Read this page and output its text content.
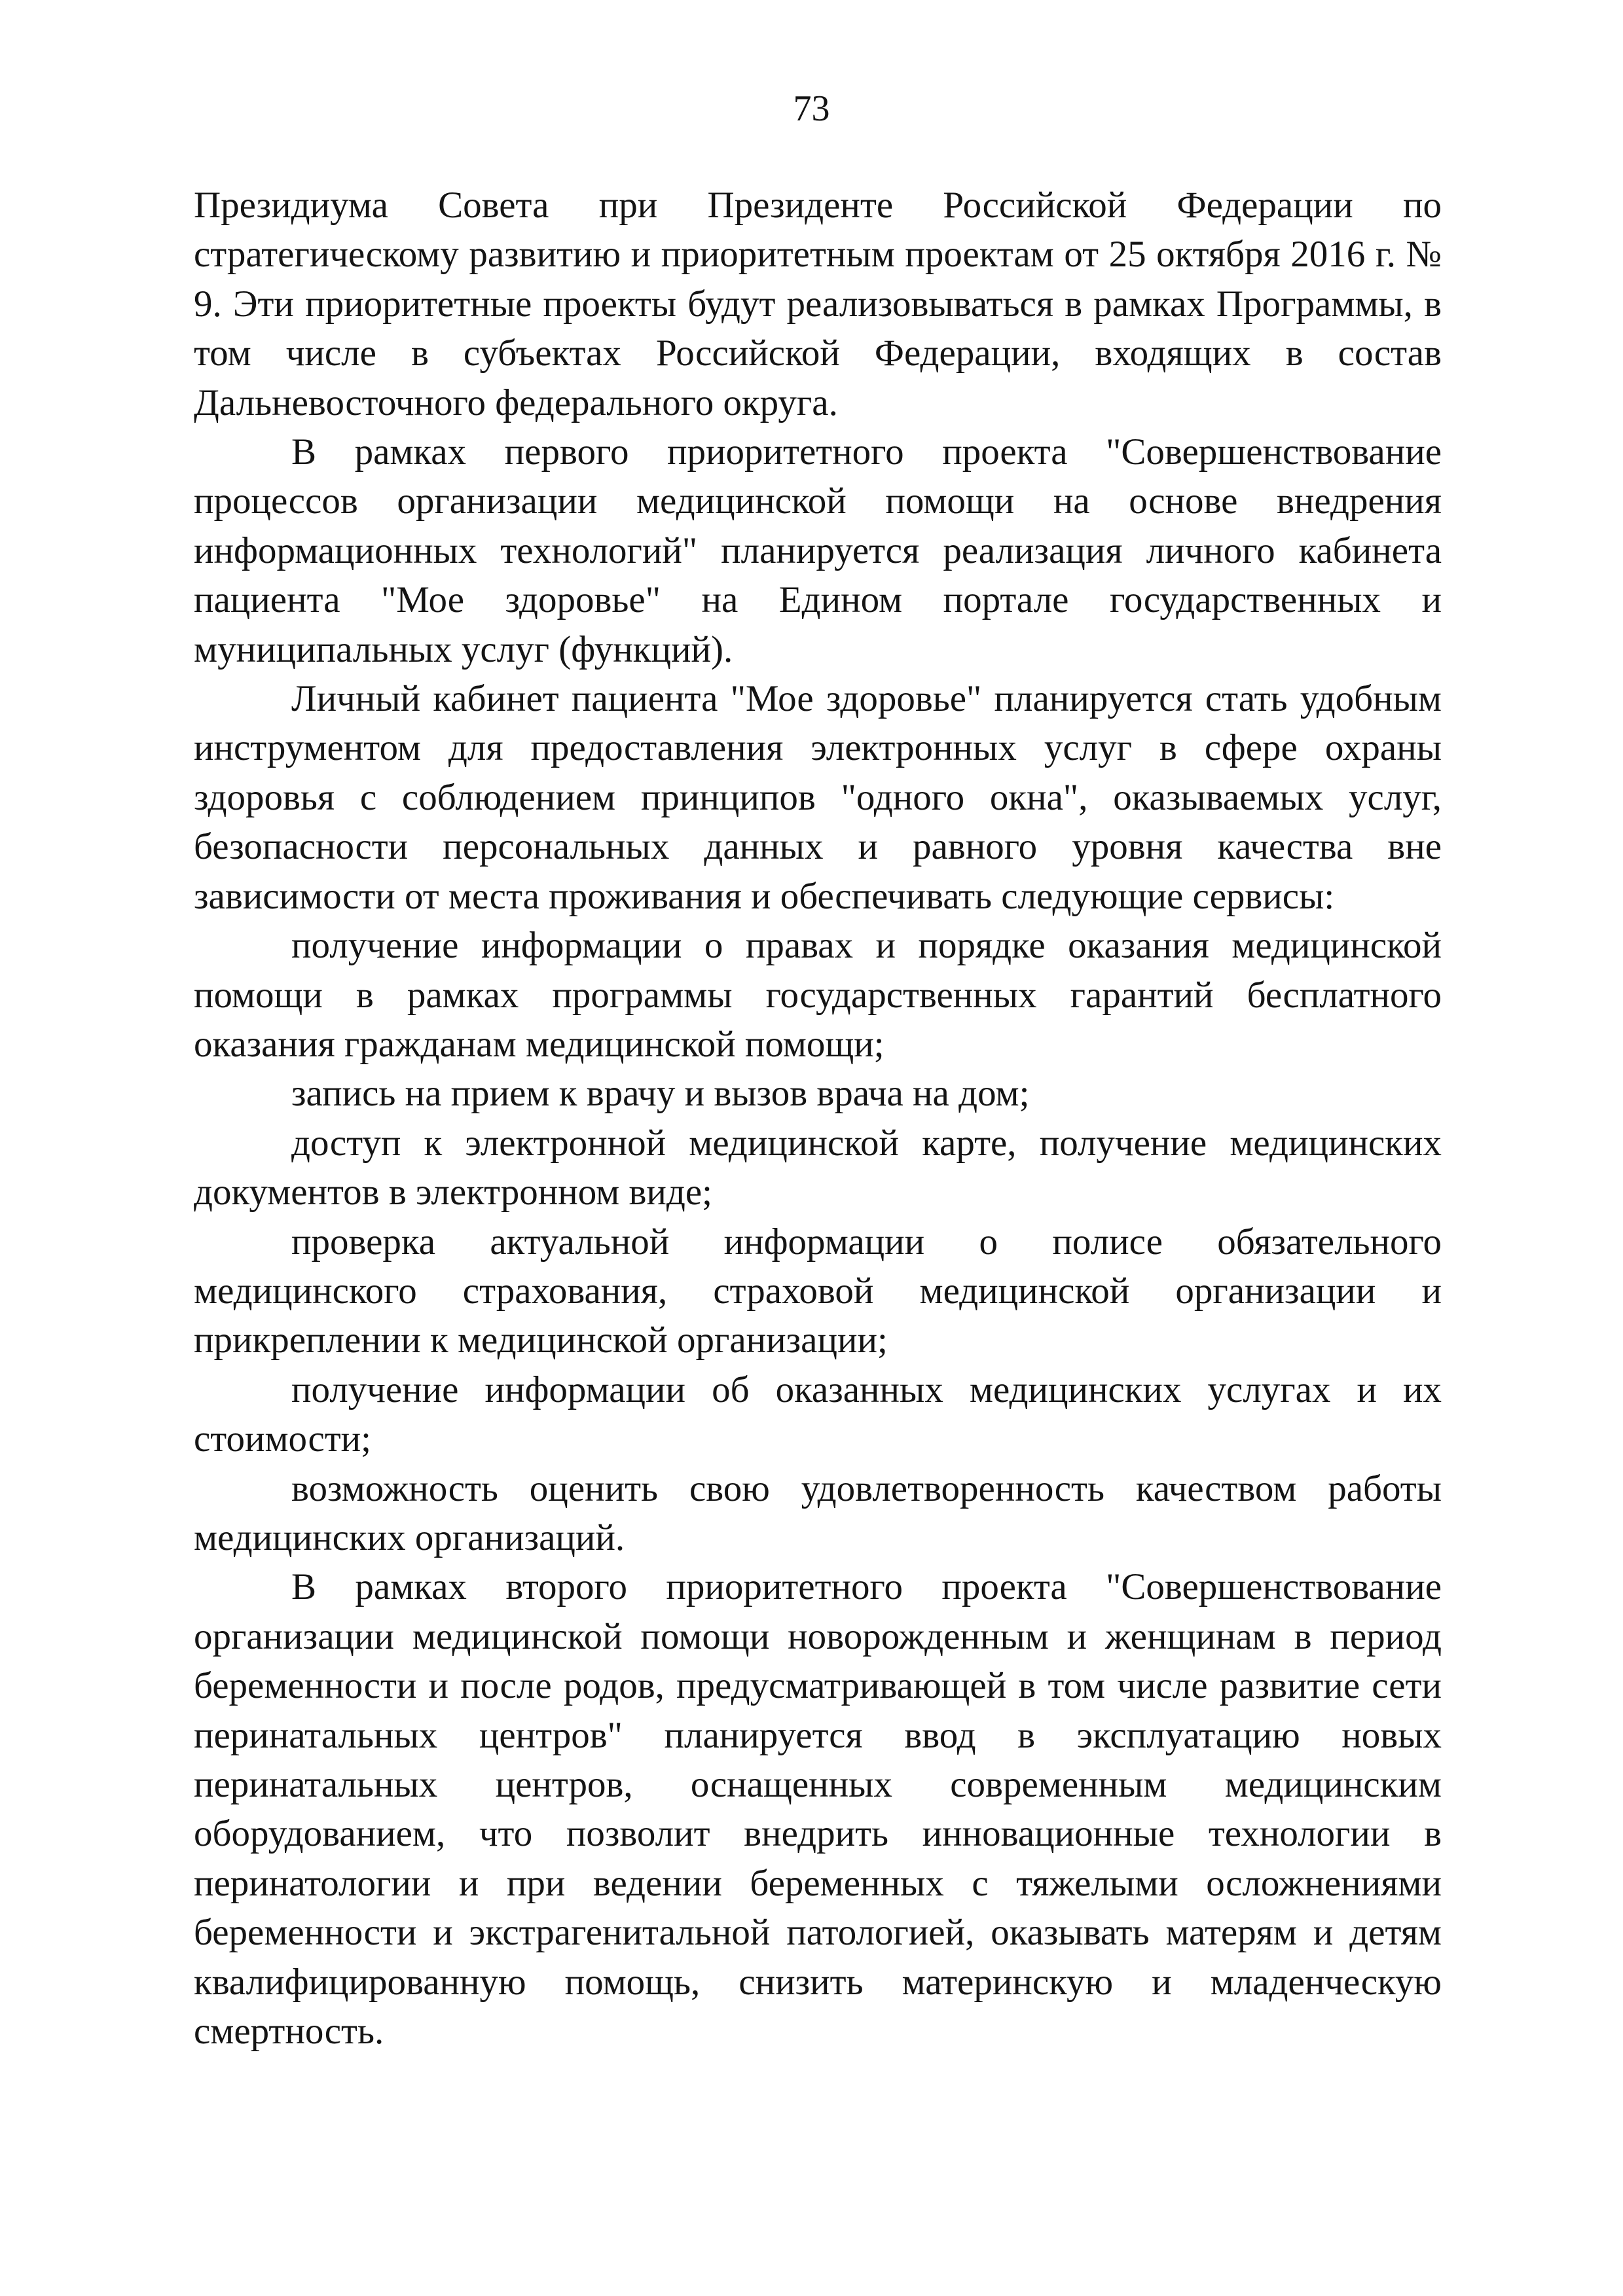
73

Президиума Совета при Президенте Российской Федерации по стратегическому развитию и приоритетным проектам от 25 октября 2016 г. № 9. Эти приоритетные проекты будут реализовываться в рамках Программы, в том числе в субъектах Российской Федерации, входящих в состав Дальневосточного федерального округа.

В рамках первого приоритетного проекта "Совершенствование процессов организации медицинской помощи на основе внедрения информационных технологий" планируется реализация личного кабинета пациента "Мое здоровье" на Едином портале государственных и муниципальных услуг (функций).

Личный кабинет пациента "Мое здоровье" планируется стать удобным инструментом для предоставления электронных услуг в сфере охраны здоровья с соблюдением принципов "одного окна", оказываемых услуг, безопасности персональных данных и равного уровня качества вне зависимости от места проживания и обеспечивать следующие сервисы:

получение информации о правах и порядке оказания медицинской помощи в рамках программы государственных гарантий бесплатного оказания гражданам медицинской помощи;

запись на прием к врачу и вызов врача на дом;

доступ к электронной медицинской карте, получение медицинских документов в электронном виде;

проверка актуальной информации о полисе обязательного медицинского страхования, страховой медицинской организации и прикреплении к медицинской организации;

получение информации об оказанных медицинских услугах и их стоимости;

возможность оценить свою удовлетворенность качеством работы медицинских организаций.

В рамках второго приоритетного проекта "Совершенствование организации медицинской помощи новорожденным и женщинам в период беременности и после родов, предусматривающей в том числе развитие сети перинатальных центров" планируется ввод в эксплуатацию новых перинатальных центров, оснащенных современным медицинским оборудованием, что позволит внедрить инновационные технологии в перинатологии и при ведении беременных с тяжелыми осложнениями беременности и экстрагенитальной патологией, оказывать матерям и детям квалифицированную помощь, снизить материнскую и младенческую смертность.
